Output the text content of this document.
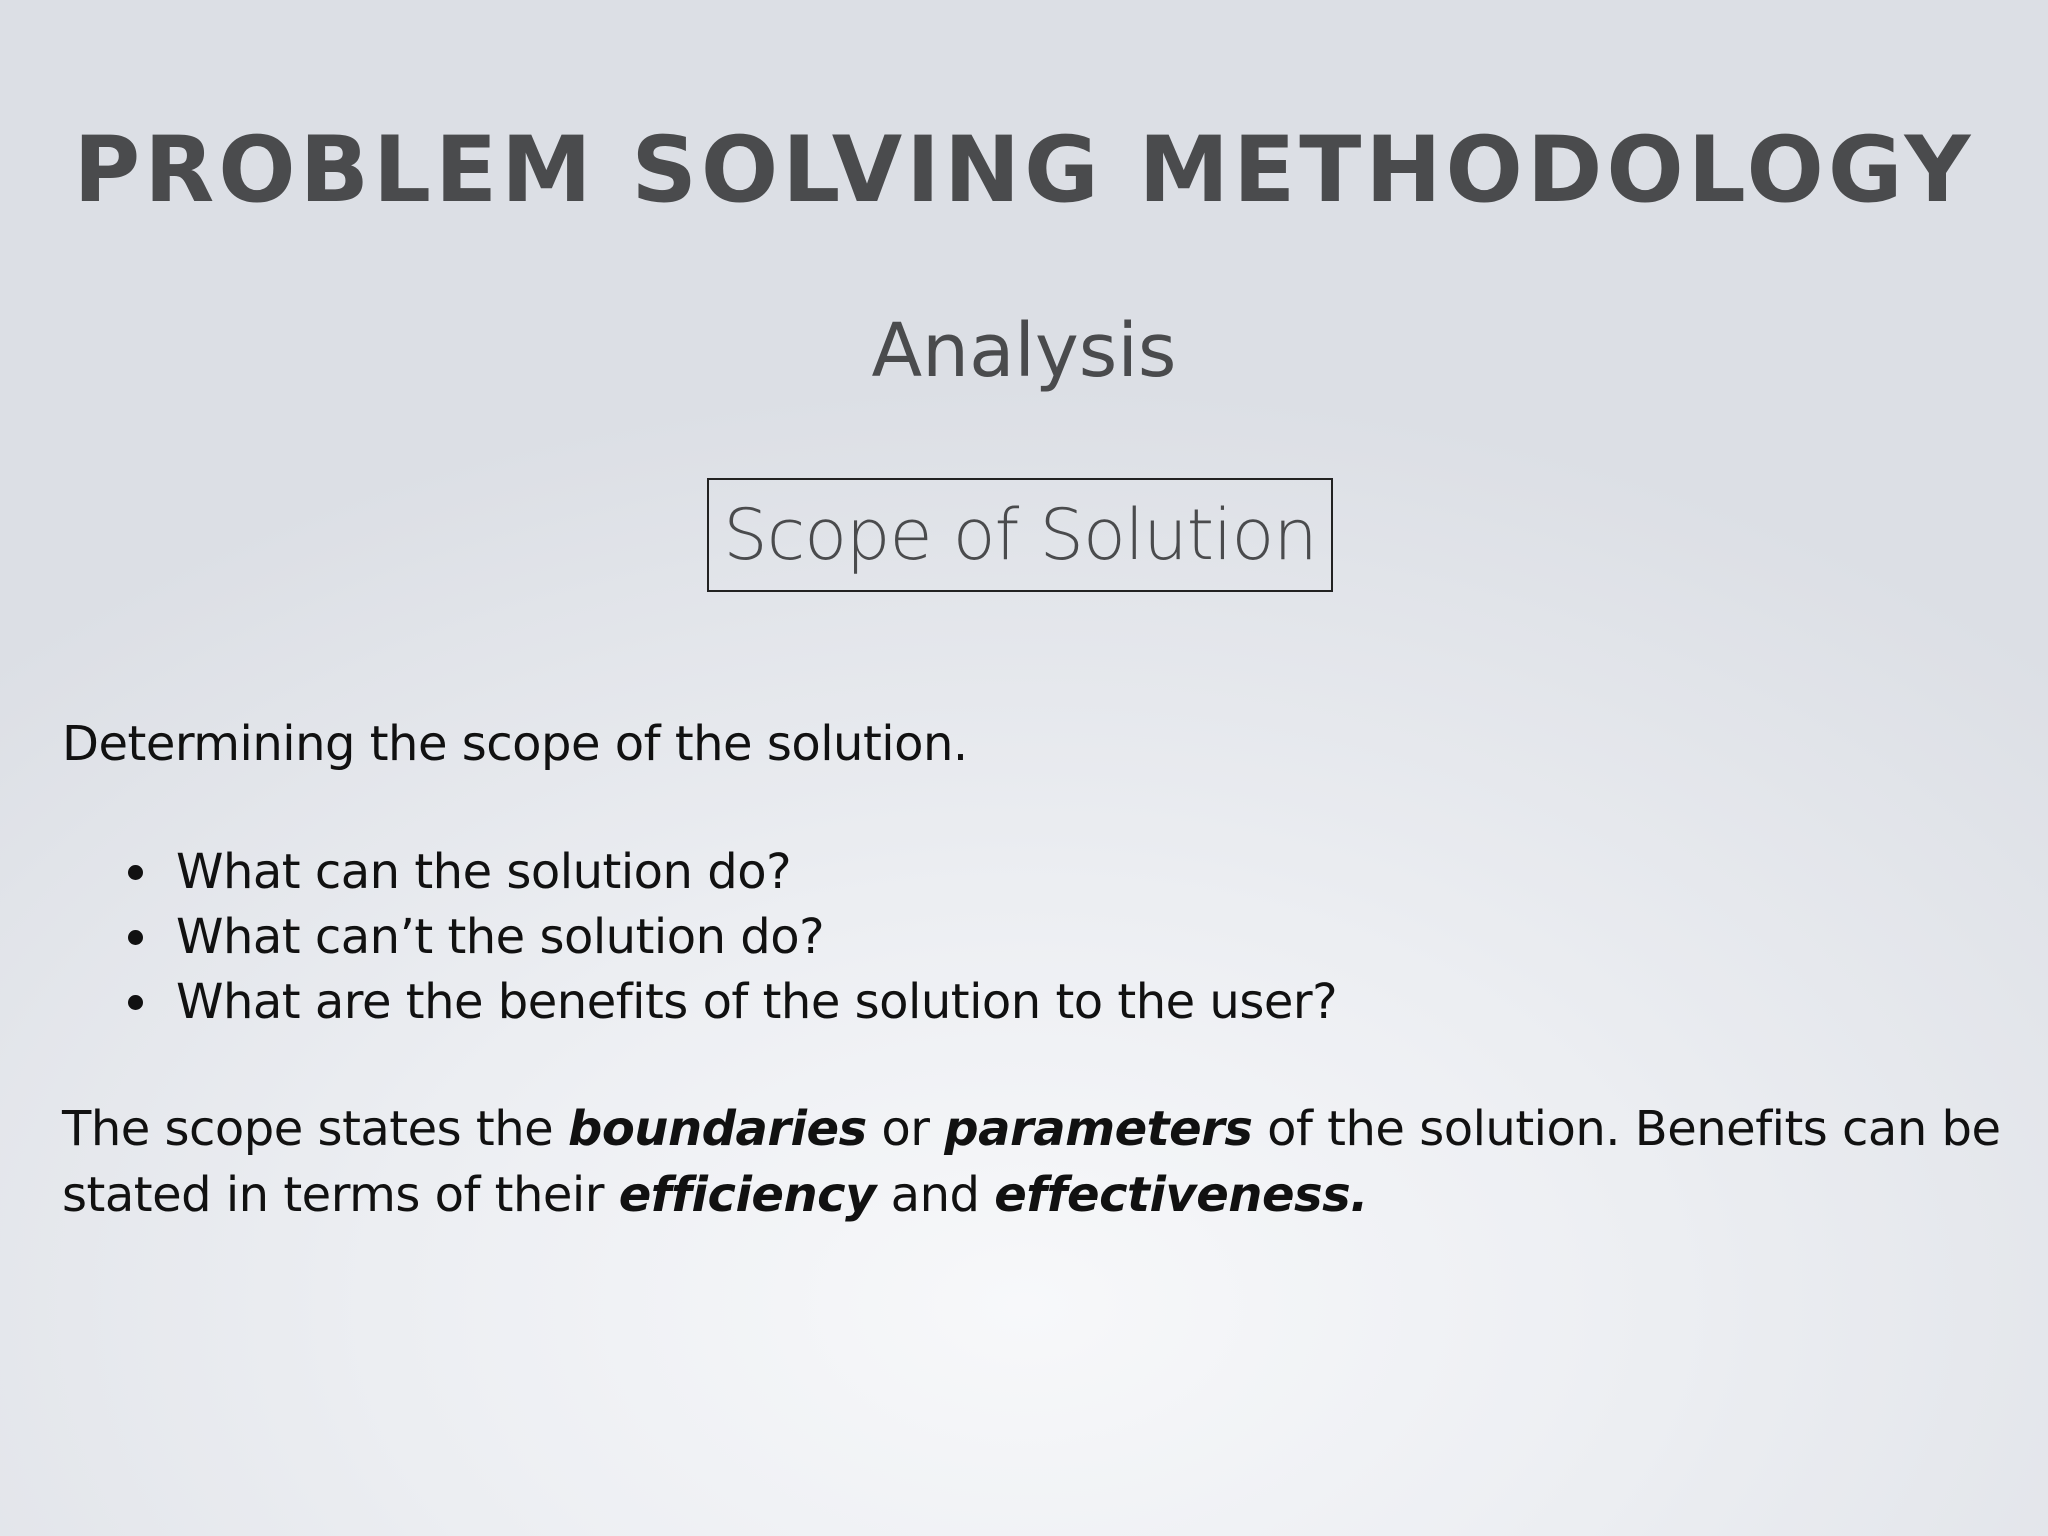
PROBLEM SOLVING METHODOLOGY
Analysis
Scope of Solution
Determining the scope of the solution.
What can the solution do?
What can’t the solution do?
What are the benefits of the solution to the user?

The scope states the boundaries or parameters of the solution. Benefits can be stated in terms of their efficiency and effectiveness.
